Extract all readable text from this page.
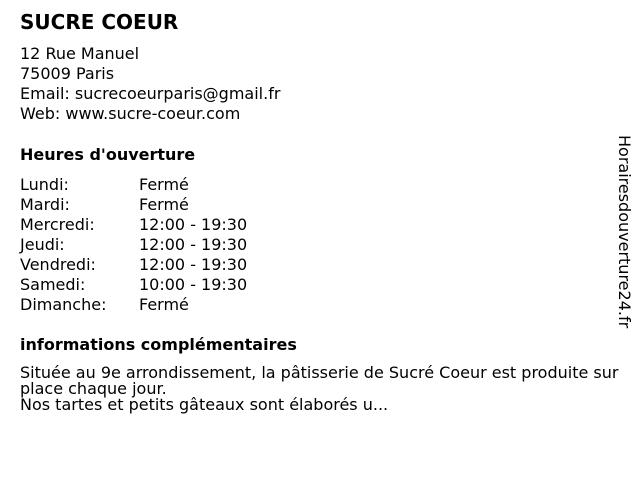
SUCRE COEUR
12 Rue Manuel
75009 Paris
Email: sucrecoeurparis@gmail.fr
Web: www.sucre-coeur.com
Heures d'ouverture
Lundi:	Fermé
Mardi:	Fermé
Mercredi:	12:00 - 19:30
Jeudi:	12:00 - 19:30
Vendredi:	12:00 - 19:30
Samedi:	10:00 - 19:30
Dimanche: Fermé
informations complémentaires

Située au 9e arrondissement, la pâtisserie de Sucré Coeur est produite sur place chaque jour.

Nos tartes et petits gâteaux sont élaborés u...

Horairesdouverture24.fr
